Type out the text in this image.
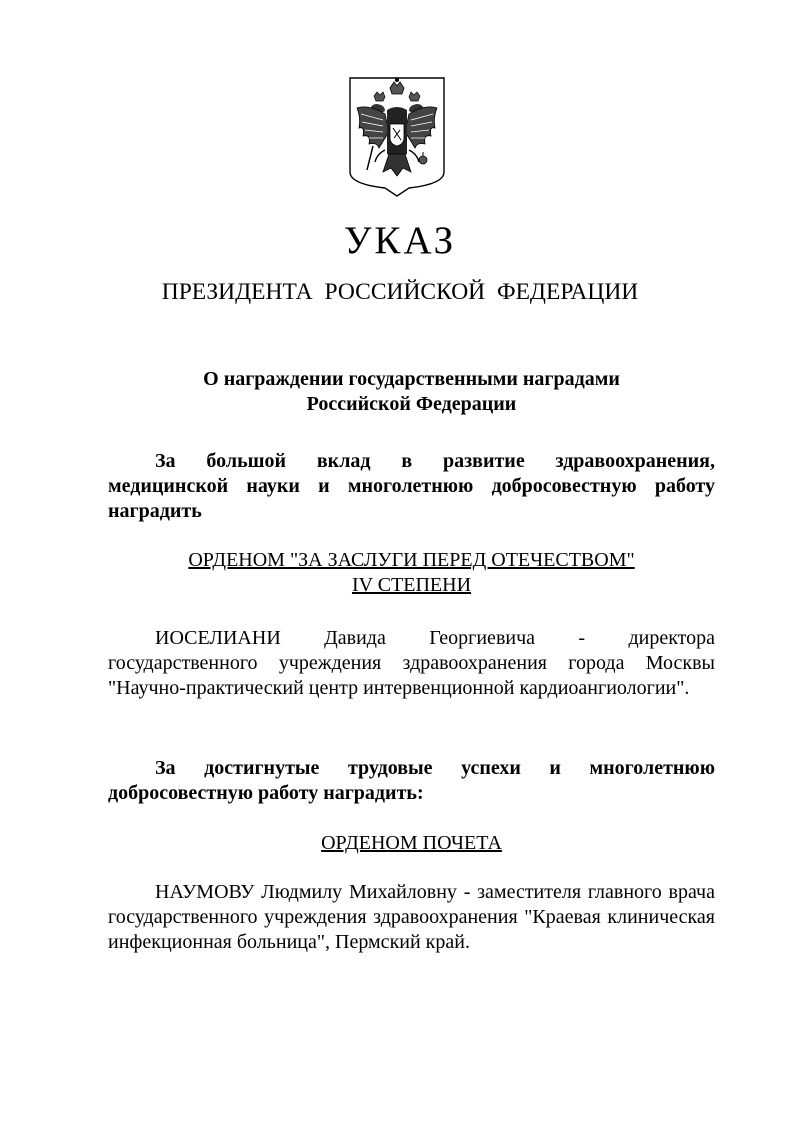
УКАЗ
ПРЕЗИДЕНТА РОССИЙСКОЙ ФЕДЕРАЦИИ
О награждении государственными наградами
Российской Федерации
За большой вклад в развитие здравоохранения,
медицинской науки и многолетнюю добросовестную работу
наградить
ОРДЕНОМ "ЗА ЗАСЛУГИ ПЕРЕД ОТЕЧЕСТВОМ"
IV СТЕПЕНИ
ИОСЕЛИАНИ Давида Георгиевича - директора
государственного учреждения здравоохранения города Москвы
"Научно-практический центр интервенционной кардиоангиологии".
За достигнутые трудовые успехи и многолетнюю
добросовестную работу наградить:
ОРДЕНОМ ПОЧЕТА
НАУМОВУ Людмилу Михайловну - заместителя главного врача
государственного учреждения здравоохранения "Краевая клиническая
инфекционная больница", Пермский край.
